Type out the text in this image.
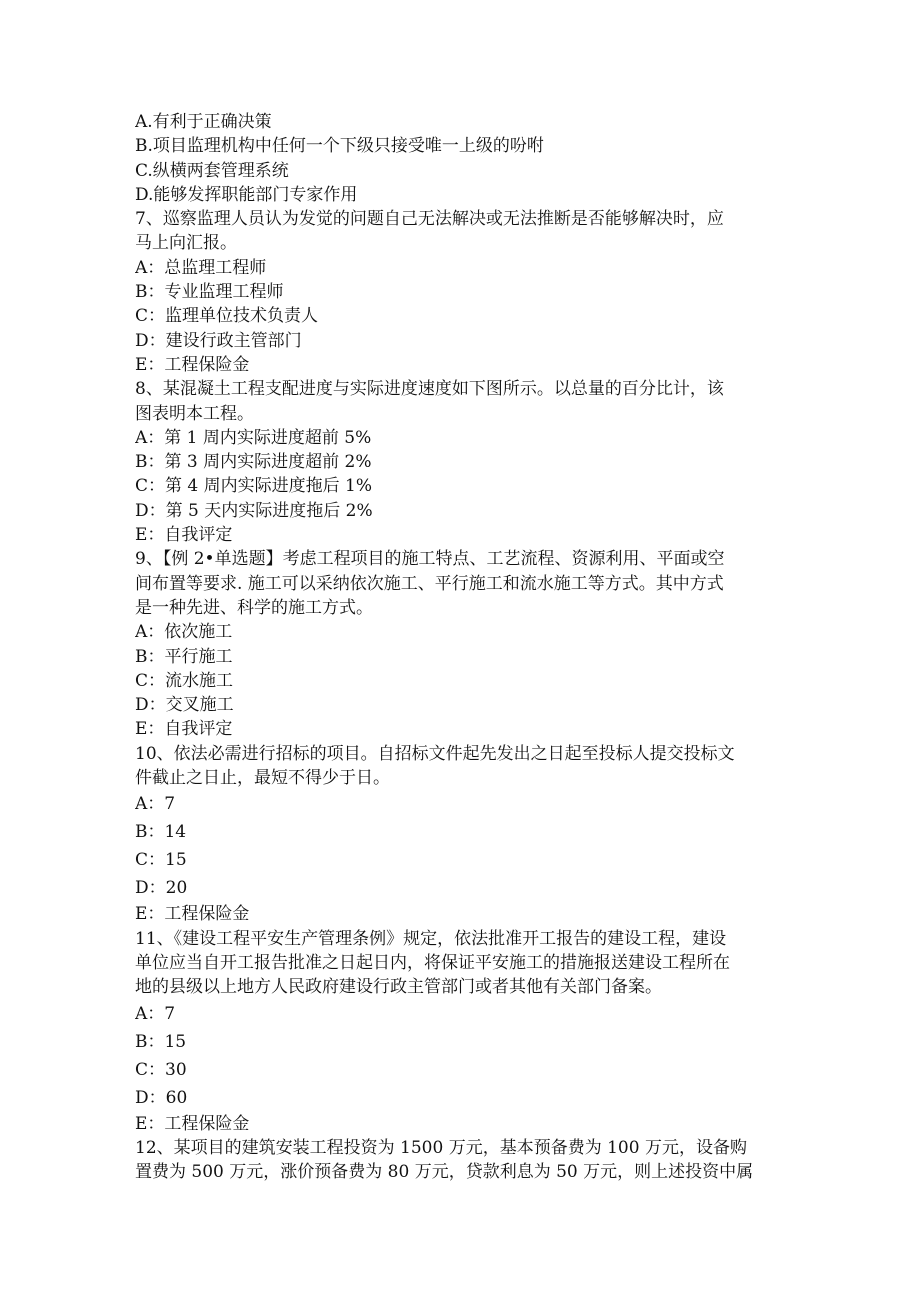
A.有利于正确决策
B.项目监理机构中任何一个下级只接受唯一上级的吩咐
C.纵横两套管理系统
D.能够发挥职能部门专家作用
7、巡察监理人员认为发觉的问题自己无法解决或无法推断是否能够解决时，应
马上向汇报。
A：总监理工程师
B：专业监理工程师
C：监理单位技术负责人
D：建设行政主管部门
E：工程保险金
8、某混凝土工程支配进度与实际进度速度如下图所示。以总量的百分比计，该
图表明本工程。
A：第 1 周内实际进度超前 5%
B：第 3 周内实际进度超前 2%
C：第 4 周内实际进度拖后 1%
D：第 5 天内实际进度拖后 2%
E：自我评定
9、【例 2•单选题】考虑工程项目的施工特点、工艺流程、资源利用、平面或空
间布置等要求. 施工可以采纳依次施工、平行施工和流水施工等方式。其中方式
是一种先进、科学的施工方式。
A：依次施工
B：平行施工
C：流水施工
D：交叉施工
E：自我评定
10、依法必需进行招标的项目。自招标文件起先发出之日起至投标人提交投标文
件截止之日止，最短不得少于日。
A：7
B：14
C：15
D：20
E：工程保险金
11、《建设工程平安生产管理条例》规定，依法批准开工报告的建设工程，建设
单位应当自开工报告批准之日起日内，将保证平安施工的措施报送建设工程所在
地的县级以上地方人民政府建设行政主管部门或者其他有关部门备案。
A：7
B：15
C：30
D：60
E：工程保险金
12、某项目的建筑安装工程投资为 1500 万元，基本预备费为 100 万元，设备购
置费为 500 万元，涨价预备费为 80 万元，贷款利息为 50 万元，则上述投资中属
